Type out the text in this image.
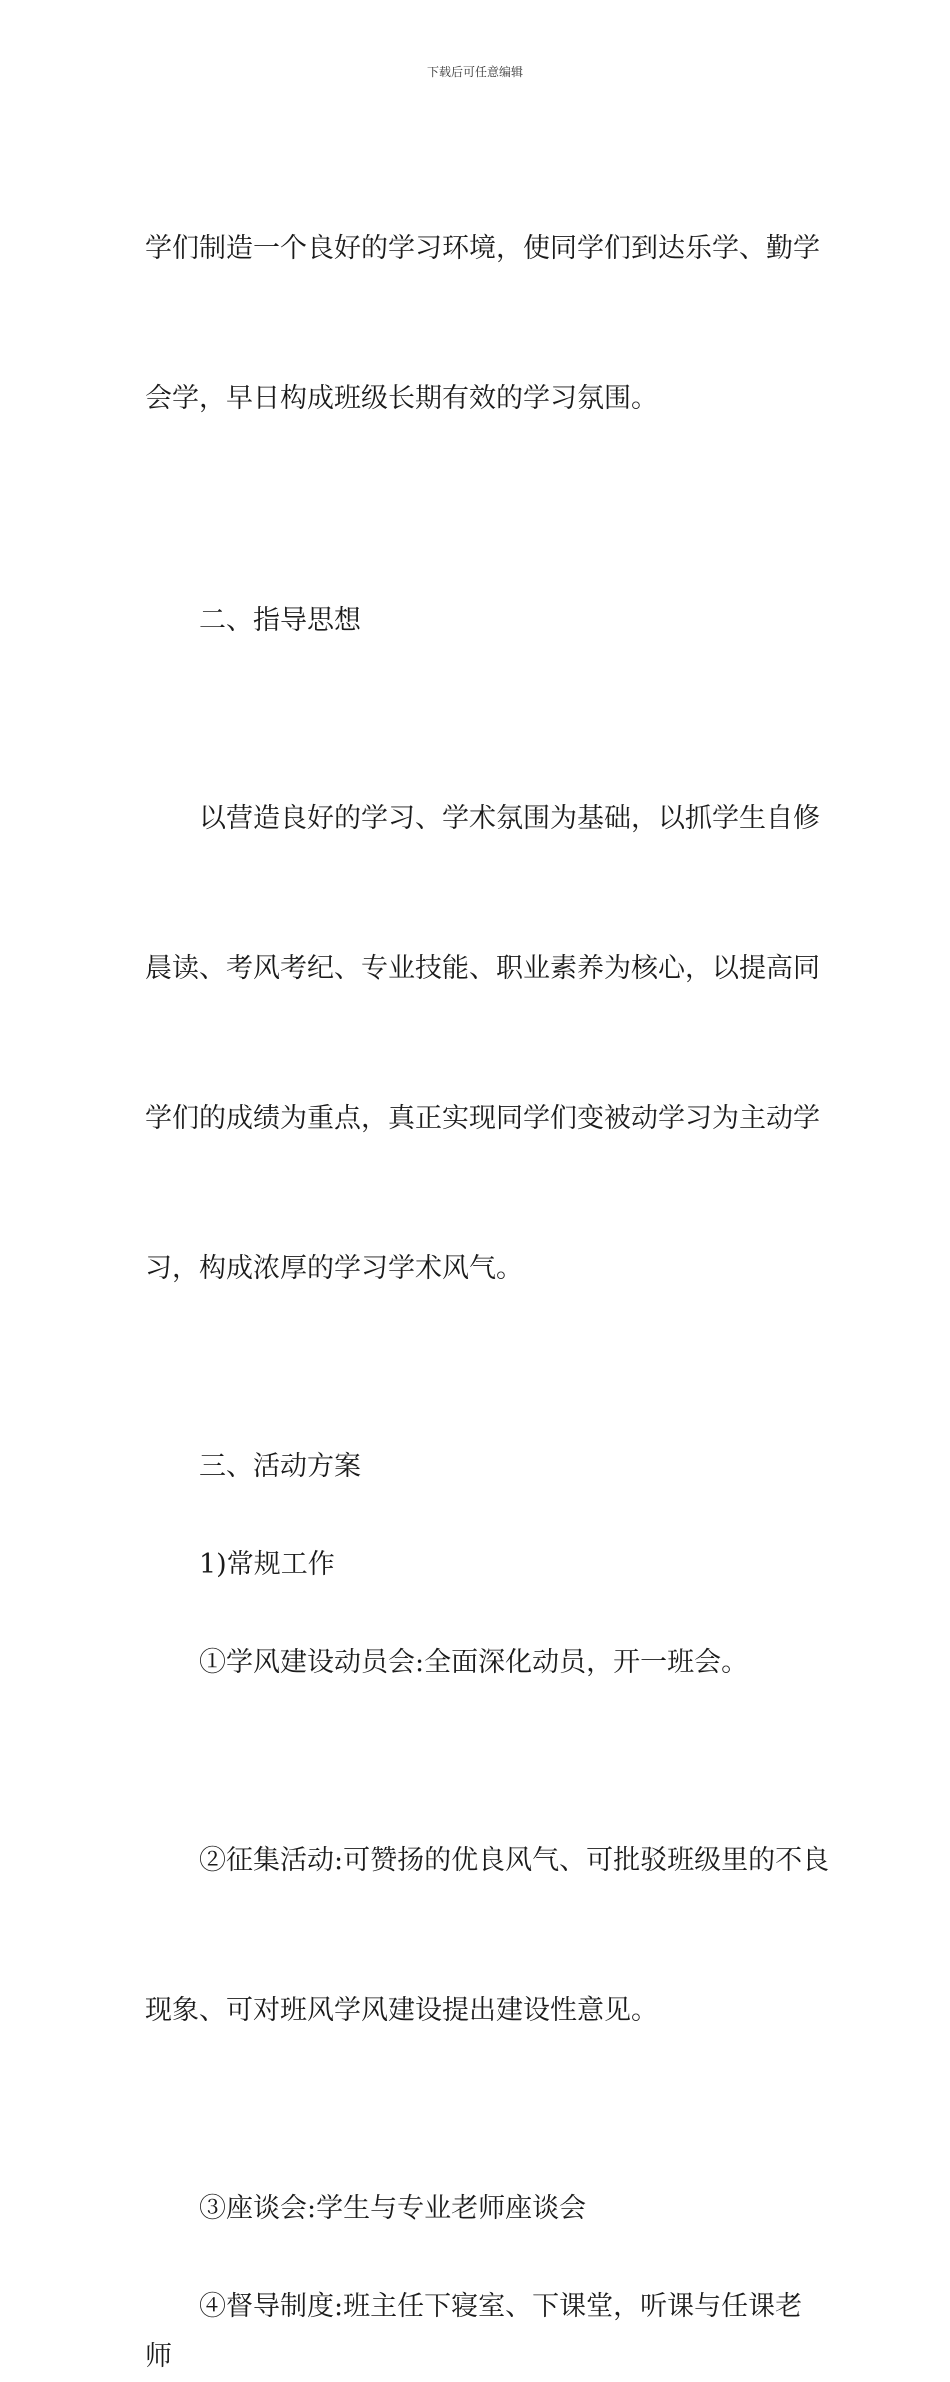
下载后可任意编辑

学们制造一个良好的学习环境，使同学们到达乐学、勤学

会学，早日构成班级长期有效的学习氛围。

二、指导思想

以营造良好的学习、学术氛围为基础，以抓学生自修

晨读、考风考纪、专业技能、职业素养为核心，以提高同

学们的成绩为重点，真正实现同学们变被动学习为主动学

习，构成浓厚的学习学术风气。

三、活动方案
1)常规工作
①学风建设动员会:全面深化动员，开一班会。

②征集活动:可赞扬的优良风气、可批驳班级里的不良

现象、可对班风学风建设提出建设性意见。

③座谈会:学生与专业老师座谈会
④督导制度:班主任下寝室、下课堂，听课与任课老师
